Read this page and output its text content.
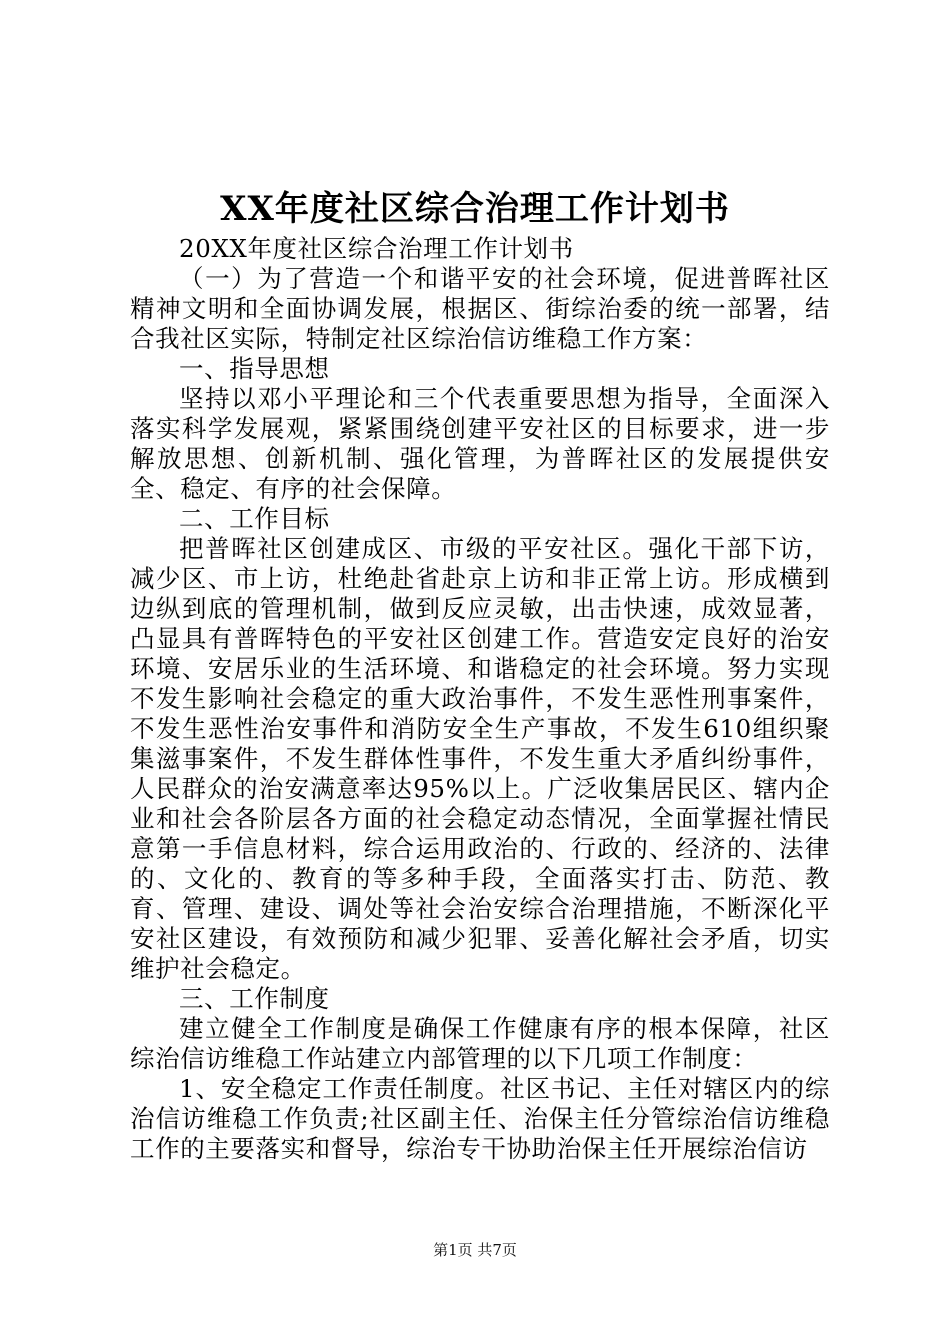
XX年度社区综合治理工作计划书

20XX年度社区综合治理工作计划书

（一）为了营造一个和谐平安的社会环境，促进普晖社区精神文明和全面协调发展，根据区、街综治委的统一部署，结合我社区实际，特制定社区综治信访维稳工作方案：

一、指导思想

坚持以邓小平理论和三个代表重要思想为指导，全面深入落实科学发展观，紧紧围绕创建平安社区的目标要求，进一步解放思想、创新机制、强化管理，为普晖社区的发展提供安全、稳定、有序的社会保障。

二、工作目标

把普晖社区创建成区、市级的平安社区。强化干部下访，减少区、市上访，杜绝赴省赴京上访和非正常上访。形成横到边纵到底的管理机制，做到反应灵敏，出击快速，成效显著，凸显具有普晖特色的平安社区创建工作。营造安定良好的治安环境、安居乐业的生活环境、和谐稳定的社会环境。努力实现不发生影响社会稳定的重大政治事件，不发生恶性刑事案件，不发生恶性治安事件和消防安全生产事故，不发生610组织聚集滋事案件，不发生群体性事件，不发生重大矛盾纠纷事件，人民群众的治安满意率达95%以上。广泛收集居民区、辖内企业和社会各阶层各方面的社会稳定动态情况，全面掌握社情民意第一手信息材料，综合运用政治的、行政的、经济的、法律的、文化的、教育的等多种手段，全面落实打击、防范、教育、管理、建设、调处等社会治安综合治理措施，不断深化平安社区建设，有效预防和减少犯罪、妥善化解社会矛盾，切实维护社会稳定。

三、工作制度

建立健全工作制度是确保工作健康有序的根本保障，社区综治信访维稳工作站建立内部管理的以下几项工作制度：

1、安全稳定工作责任制度。社区书记、主任对辖区内的综治信访维稳工作负责;社区副主任、治保主任分管综治信访维稳工作的主要落实和督导，综治专干协助治保主任开展综治信访

第1页 共7页
